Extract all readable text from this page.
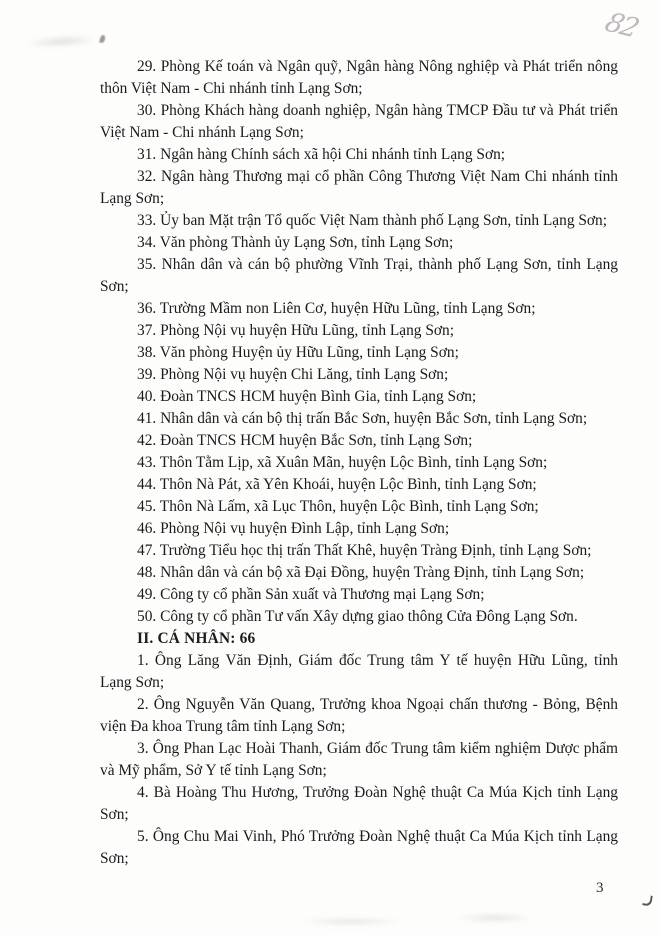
82

29. Phòng Kế toán và Ngân quỹ, Ngân hàng Nông nghiệp và Phát triển nông thôn Việt Nam - Chi nhánh tỉnh Lạng Sơn;

30. Phòng Khách hàng doanh nghiệp, Ngân hàng TMCP Đầu tư và Phát triển Việt Nam - Chi nhánh Lạng Sơn;

31. Ngân hàng Chính sách xã hội Chi nhánh tỉnh Lạng Sơn;

32. Ngân hàng Thương mại cổ phần Công Thương Việt Nam Chi nhánh tỉnh Lạng Sơn;

33. Ủy ban Mặt trận Tổ quốc Việt Nam thành phố Lạng Sơn, tỉnh Lạng Sơn;

34. Văn phòng Thành ủy Lạng Sơn, tỉnh Lạng Sơn;

35. Nhân dân và cán bộ phường Vĩnh Trại, thành phố Lạng Sơn, tỉnh Lạng Sơn;

36. Trường Mầm non Liên Cơ, huyện Hữu Lũng, tỉnh Lạng Sơn;

37. Phòng Nội vụ huyện Hữu Lũng, tỉnh Lạng Sơn;

38. Văn phòng Huyện ủy Hữu Lũng, tỉnh Lạng Sơn;

39. Phòng Nội vụ huyện Chi Lăng, tỉnh Lạng Sơn;

40. Đoàn TNCS HCM huyện Bình Gia, tỉnh Lạng Sơn;

41. Nhân dân và cán bộ thị trấn Bắc Sơn, huyện Bắc Sơn, tỉnh Lạng Sơn;

42. Đoàn TNCS HCM huyện Bắc Sơn, tỉnh Lạng Sơn;

43. Thôn Tằm Lịp, xã Xuân Mãn, huyện Lộc Bình, tỉnh Lạng Sơn;

44. Thôn Nà Pát, xã Yên Khoái, huyện Lộc Bình, tỉnh Lạng Sơn;

45. Thôn Nà Lấm, xã Lục Thôn, huyện Lộc Bình, tỉnh Lạng Sơn;

46. Phòng Nội vụ huyện Đình Lập, tỉnh Lạng Sơn;

47. Trường Tiểu học thị trấn Thất Khê, huyện Tràng Định, tỉnh Lạng Sơn;

48. Nhân dân và cán bộ xã Đại Đồng, huyện Tràng Định, tỉnh Lạng Sơn;

49. Công ty cổ phần Sản xuất và Thương mại Lạng Sơn;

50. Công ty cổ phần Tư vấn Xây dựng giao thông Cửa Đông Lạng Sơn.

II. CÁ NHÂN: 66

1. Ông Lăng Văn Định, Giám đốc Trung tâm Y tế huyện Hữu Lũng, tỉnh Lạng Sơn;

2. Ông Nguyễn Văn Quang, Trưởng khoa Ngoại chấn thương - Bỏng, Bệnh viện Đa khoa Trung tâm tỉnh Lạng Sơn;

3. Ông Phan Lạc Hoài Thanh, Giám đốc Trung tâm kiểm nghiệm Dược phẩm và Mỹ phẩm, Sở Y tế tỉnh Lạng Sơn;

4. Bà Hoàng Thu Hương, Trưởng Đoàn Nghệ thuật Ca Múa Kịch tỉnh Lạng Sơn;

5. Ông Chu Mai Vinh, Phó Trưởng Đoàn Nghệ thuật Ca Múa Kịch tỉnh Lạng Sơn;

3
